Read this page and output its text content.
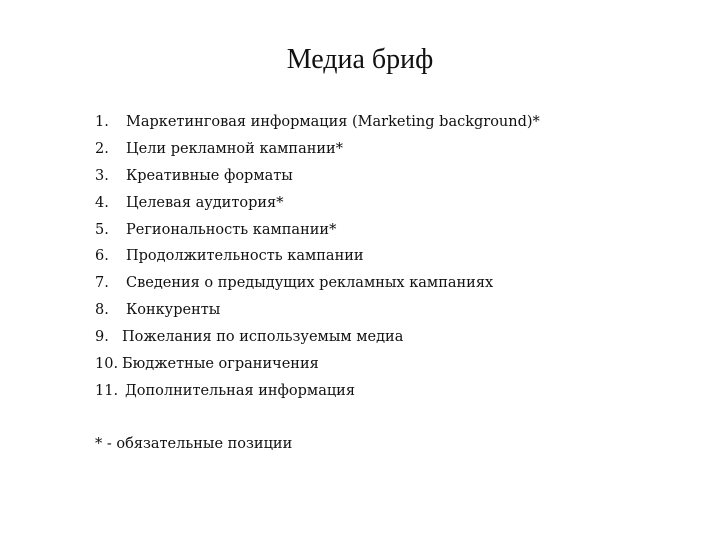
Медиа бриф
1. Маркетинговая информация (Marketing background)*
2. Цели рекламной кампании*
3. Креативные форматы
4. Целевая аудитория*
5. Региональность кампании*
6. Продолжительность кампании
7. Сведения о предыдущих рекламных кампаниях
8. Конкуренты
9. Пожелания по используемым медиа
10. Бюджетные ограничения
11. Дополнительная информация
* - обязательные позиции
